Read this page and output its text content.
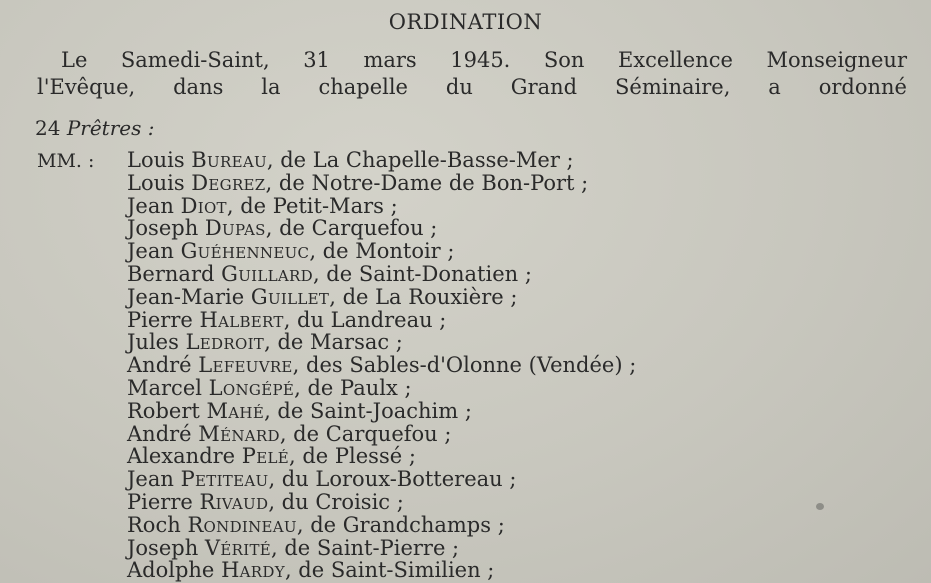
ORDINATION
Le Samedi-Saint, 31 mars 1945. Son Excellence Monseigneur
l'Evêque, dans la chapelle du Grand Séminaire, a ordonné
24 Prêtres :
MM. : Louis Bureau, de La Chapelle-Basse-Mer ;
Louis Degrez, de Notre-Dame de Bon-Port ;
Jean Diot, de Petit-Mars ;
Joseph Dupas, de Carquefou ;
Jean Guéhenneuc, de Montoir ;
Bernard Guillard, de Saint-Donatien ;
Jean-Marie Guillet, de La Rouxière ;
Pierre Halbert, du Landreau ;
Jules Ledroit, de Marsac ;
André Lefeuvre, des Sables-d'Olonne (Vendée) ;
Marcel Longépé, de Paulx ;
Robert Mahé, de Saint-Joachim ;
André Ménard, de Carquefou ;
Alexandre Pelé, de Plessé ;
Jean Petiteau, du Loroux-Bottereau ;
Pierre Rivaud, du Croisic ;
Roch Rondineau, de Grandchamps ;
Joseph Vérité, de Saint-Pierre ;
Adolphe Hardy, de Saint-Similien ;
